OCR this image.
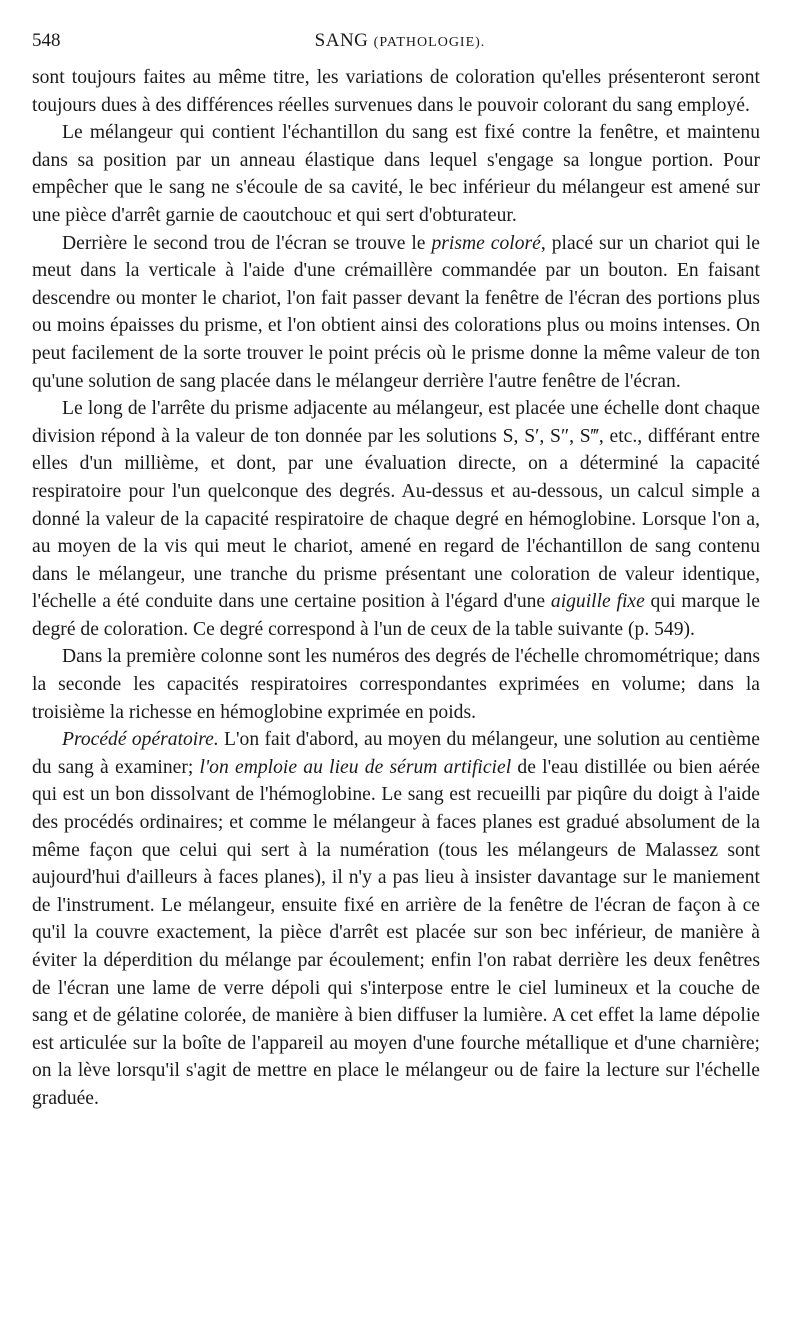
548	SANG (PATHOLOGIE).

sont toujours faites au même titre, les variations de coloration qu'elles présenteront seront toujours dues à des différences réelles survenues dans le pouvoir colorant du sang employé.

Le mélangeur qui contient l'échantillon du sang est fixé contre la fenêtre, et maintenu dans sa position par un anneau élastique dans lequel s'engage sa longue portion. Pour empêcher que le sang ne s'écoule de sa cavité, le bec inférieur du mélangeur est amené sur une pièce d'arrêt garnie de caoutchouc et qui sert d'obturateur.

Derrière le second trou de l'écran se trouve le prisme coloré, placé sur un chariot qui le meut dans la verticale à l'aide d'une crémaillère commandée par un bouton. En faisant descendre ou monter le chariot, l'on fait passer devant la fenêtre de l'écran des portions plus ou moins épaisses du prisme, et l'on obtient ainsi des colorations plus ou moins intenses. On peut facilement de la sorte trouver le point précis où le prisme donne la même valeur de ton qu'une solution de sang placée dans le mélangeur derrière l'autre fenêtre de l'écran.

Le long de l'arrête du prisme adjacente au mélangeur, est placée une échelle dont chaque division répond à la valeur de ton donnée par les solutions S, S′, S″, S‴, etc., différant entre elles d'un millième, et dont, par une évaluation directe, on a déterminé la capacité respiratoire pour l'un quelconque des degrés. Au-dessus et au-dessous, un calcul simple a donné la valeur de la capacité respiratoire de chaque degré en hémoglobine. Lorsque l'on a, au moyen de la vis qui meut le chariot, amené en regard de l'échantillon de sang contenu dans le mélangeur, une tranche du prisme présentant une coloration de valeur identique, l'échelle a été conduite dans une certaine position à l'égard d'une aiguille fixe qui marque le degré de coloration. Ce degré correspond à l'un de ceux de la table suivante (p. 549).

Dans la première colonne sont les numéros des degrés de l'échelle chromométrique; dans la seconde les capacités respiratoires correspondantes exprimées en volume; dans la troisième la richesse en hémoglobine exprimée en poids.

Procédé opératoire. L'on fait d'abord, au moyen du mélangeur, une solution au centième du sang à examiner; l'on emploie au lieu de sérum artificiel de l'eau distillée ou bien aérée qui est un bon dissolvant de l'hémoglobine. Le sang est recueilli par piqûre du doigt à l'aide des procédés ordinaires; et comme le mélangeur à faces planes est gradué absolument de la même façon que celui qui sert à la numération (tous les mélangeurs de Malassez sont aujourd'hui d'ailleurs à faces planes), il n'y a pas lieu à insister davantage sur le maniement de l'instrument. Le mélangeur, ensuite fixé en arrière de la fenêtre de l'écran de façon à ce qu'il la couvre exactement, la pièce d'arrêt est placée sur son bec inférieur, de manière à éviter la déperdition du mélange par écoulement; enfin l'on rabat derrière les deux fenêtres de l'écran une lame de verre dépoli qui s'interpose entre le ciel lumineux et la couche de sang et de gélatine colorée, de manière à bien diffuser la lumière. A cet effet la lame dépolie est articulée sur la boîte de l'appareil au moyen d'une fourche métallique et d'une charnière; on la lève lorsqu'il s'agit de mettre en place le mélangeur ou de faire la lecture sur l'échelle graduée.
